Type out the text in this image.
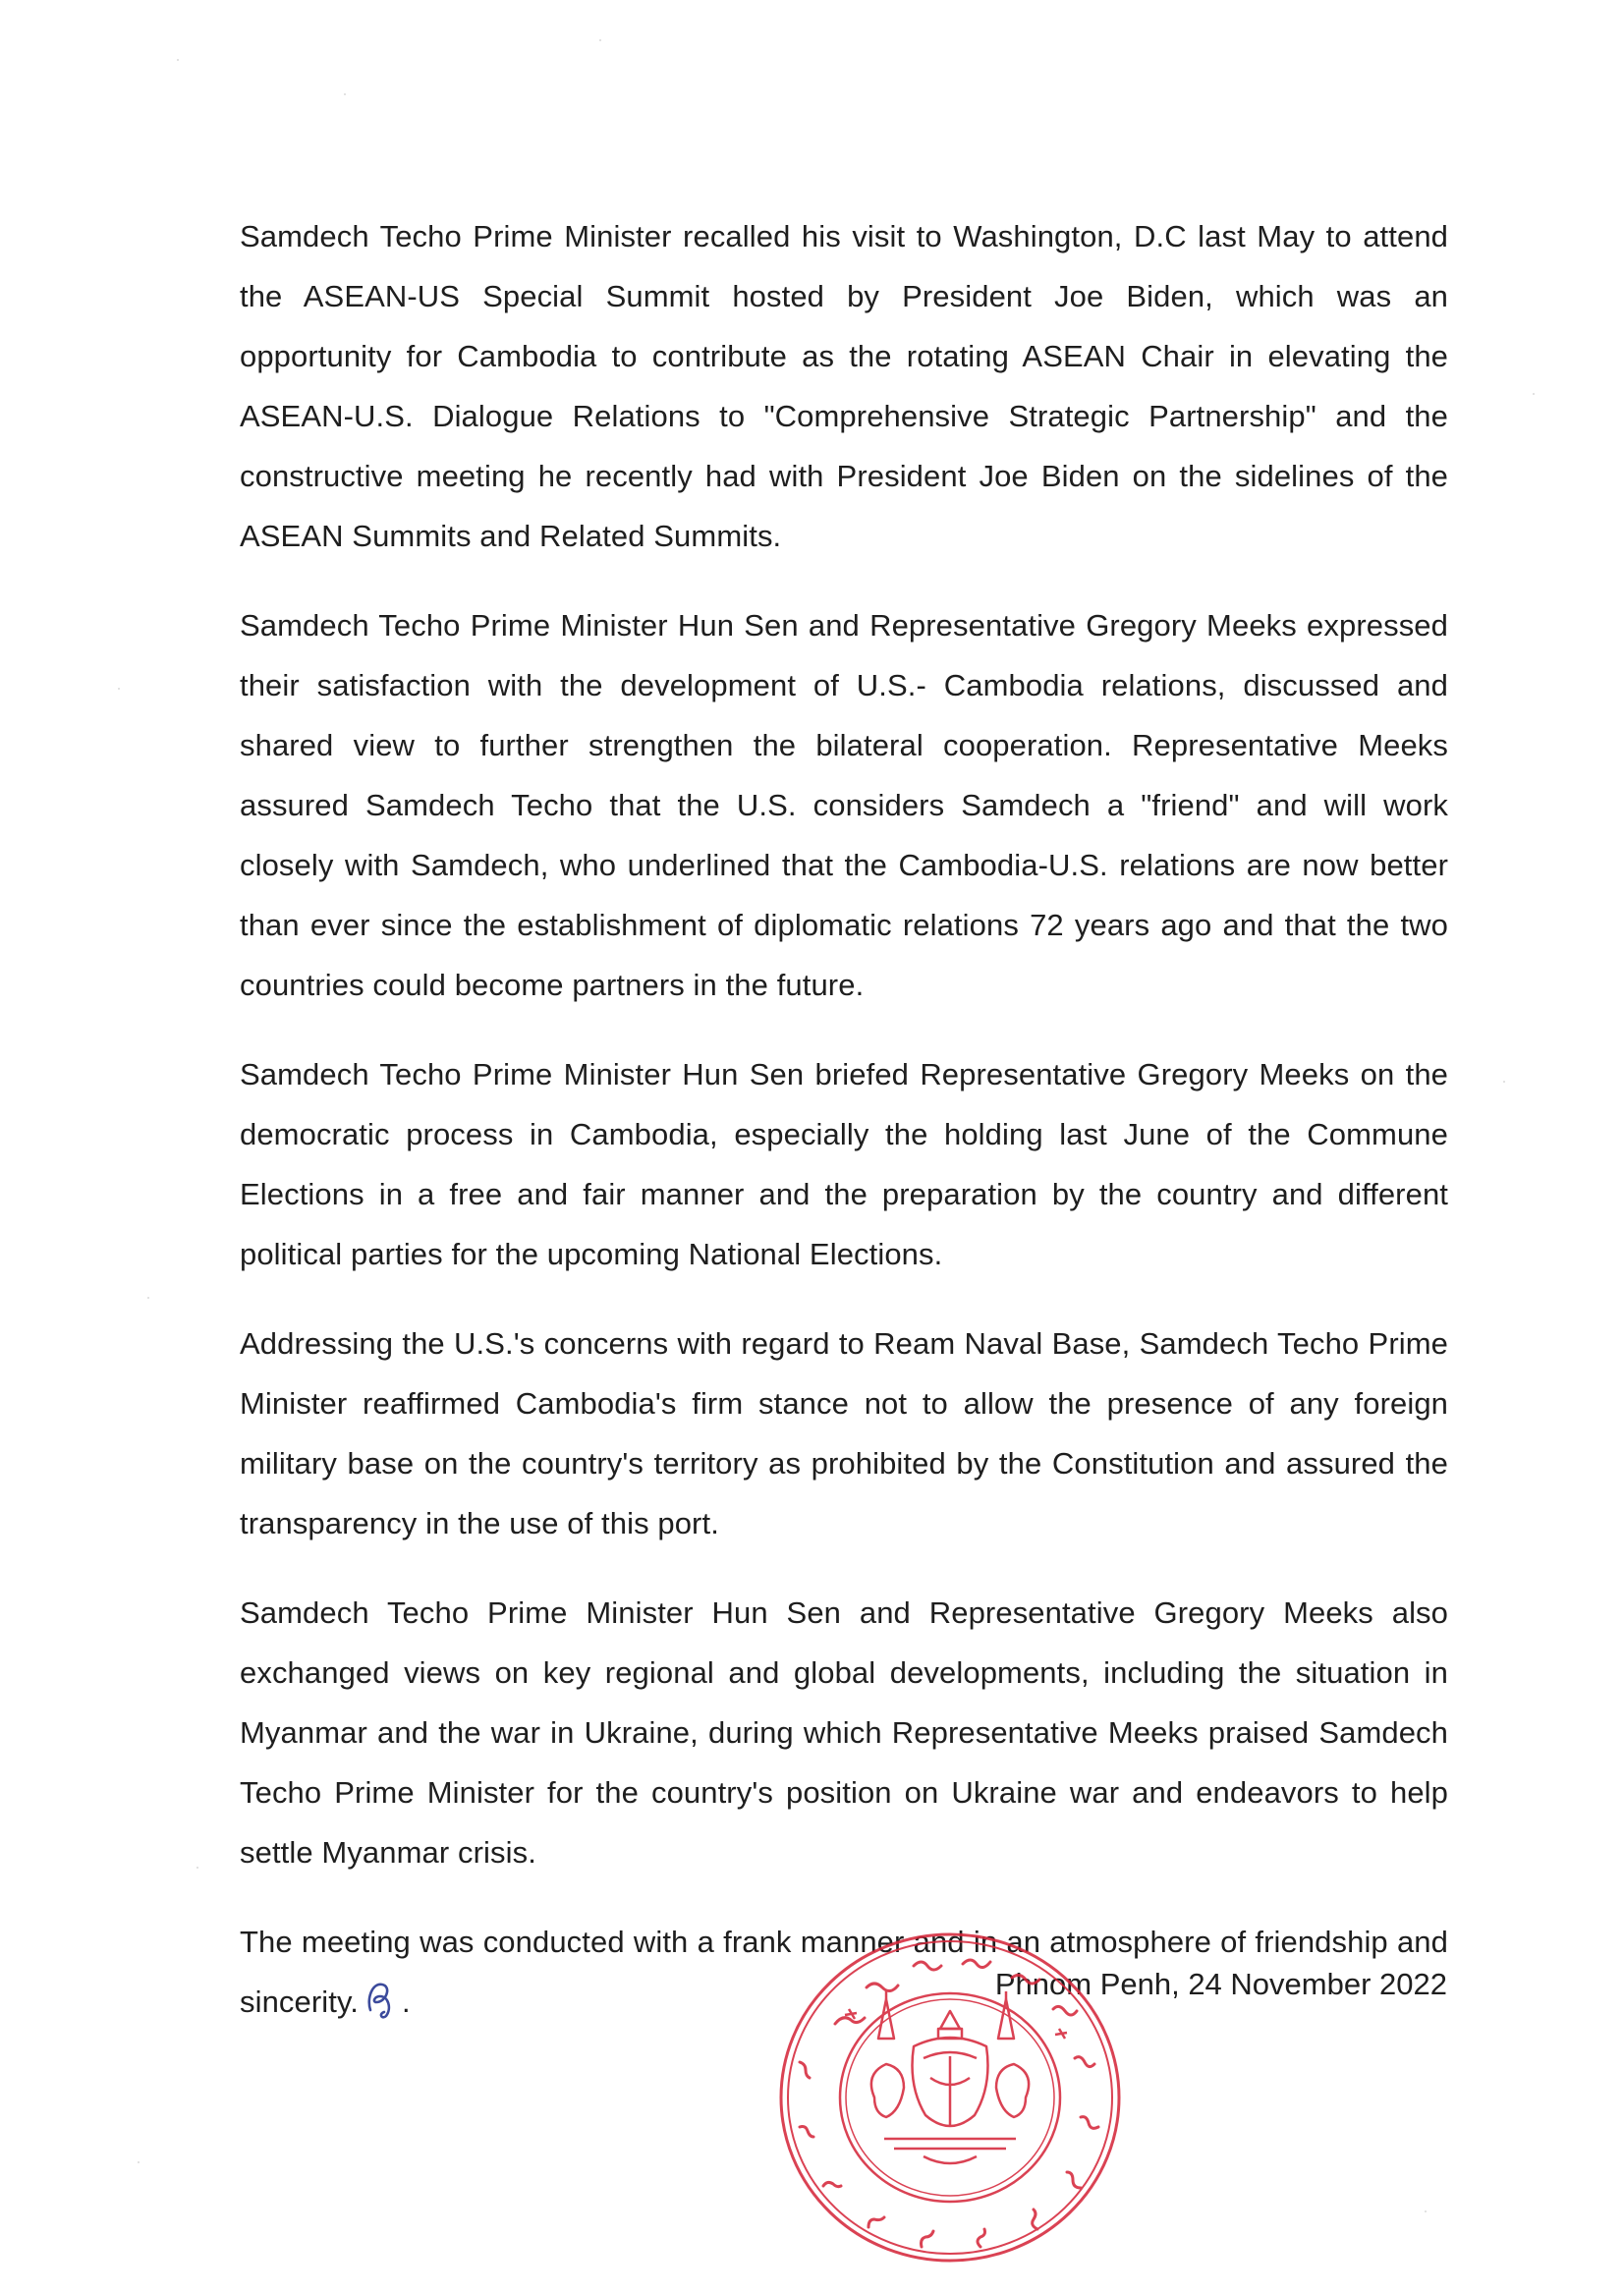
Samdech Techo Prime Minister recalled his visit to Washington, D.C last May to attend the ASEAN-US Special Summit hosted by President Joe Biden, which was an opportunity for Cambodia to contribute as the rotating ASEAN Chair in elevating the ASEAN-U.S. Dialogue Relations to "Comprehensive Strategic Partnership" and the constructive meeting he recently had with President Joe Biden on the sidelines of the ASEAN Summits and Related Summits.

Samdech Techo Prime Minister Hun Sen and Representative Gregory Meeks expressed their satisfaction with the development of U.S.- Cambodia relations, discussed and shared view to further strengthen the bilateral cooperation. Representative Meeks assured Samdech Techo that the U.S. considers Samdech a "friend" and will work closely with Samdech, who underlined that the Cambodia-U.S. relations are now better than ever since the establishment of diplomatic relations 72 years ago and that the two countries could become partners in the future.

Samdech Techo Prime Minister Hun Sen briefed Representative Gregory Meeks on the democratic process in Cambodia, especially the holding last June of the Commune Elections in a free and fair manner and the preparation by the country and different political parties for the upcoming National Elections.

Addressing the U.S.'s concerns with regard to Ream Naval Base, Samdech Techo Prime Minister reaffirmed Cambodia's firm stance not to allow the presence of any foreign military base on the country's territory as prohibited by the Constitution and assured the transparency in the use of this port.

Samdech Techo Prime Minister Hun Sen and Representative Gregory Meeks also exchanged views on key regional and global developments, including the situation in Myanmar and the war in Ukraine, during which Representative Meeks praised Samdech Techo Prime Minister for the country's position on Ukraine war and endeavors to help settle Myanmar crisis.

The meeting was conducted with a frank manner and in an atmosphere of friendship and sincerity. .

Phnom Penh, 24 November 2022
